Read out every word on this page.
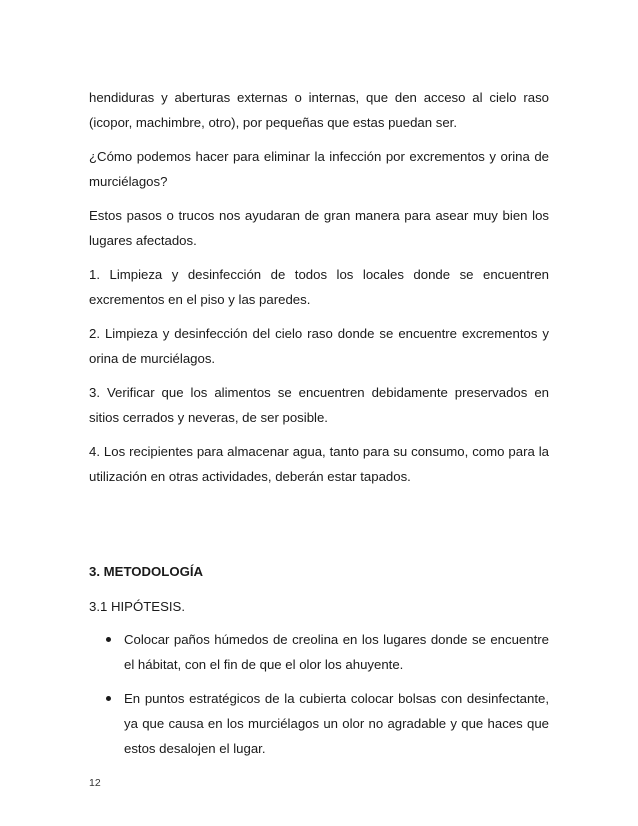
hendiduras y aberturas externas o internas, que den acceso al cielo raso (icopor, machimbre, otro), por pequeñas que estas puedan ser.

¿Cómo podemos hacer para eliminar la infección por excrementos y orina de murciélagos?

Estos pasos o trucos nos ayudaran de gran manera para asear muy bien los lugares afectados.

1. Limpieza y desinfección de todos los locales donde se encuentren excrementos en el piso y las paredes.

2. Limpieza y desinfección del cielo raso donde se encuentre excrementos y orina de murciélagos.

3. Verificar que los alimentos se encuentren debidamente preservados en sitios cerrados y neveras, de ser posible.

4. Los recipientes para almacenar agua, tanto para su consumo, como para la utilización en otras actividades, deberán estar tapados.

3. METODOLOGÍA

3.1 HIPÓTESIS.

Colocar paños húmedos de creolina en los lugares donde se encuentre el hábitat, con el fin de que el olor los ahuyente.
En puntos estratégicos de la cubierta colocar bolsas con desinfectante, ya que causa en los murciélagos un olor no agradable y que haces que estos desalojen el lugar.
12
